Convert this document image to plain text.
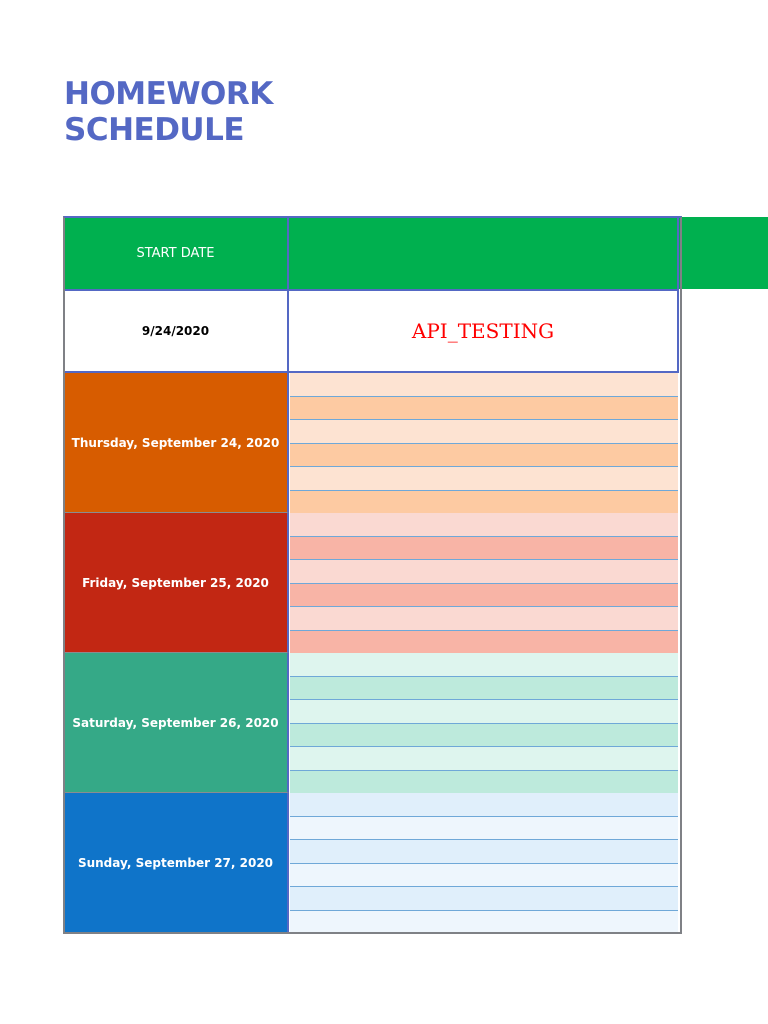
HOMEWORK
SCHEDULE
START DATE
9/24/2020	API_TESTING
Thursday, September 24, 2020
Friday, September 25, 2020
Saturday, September 26, 2020
Sunday, September 27, 2020
